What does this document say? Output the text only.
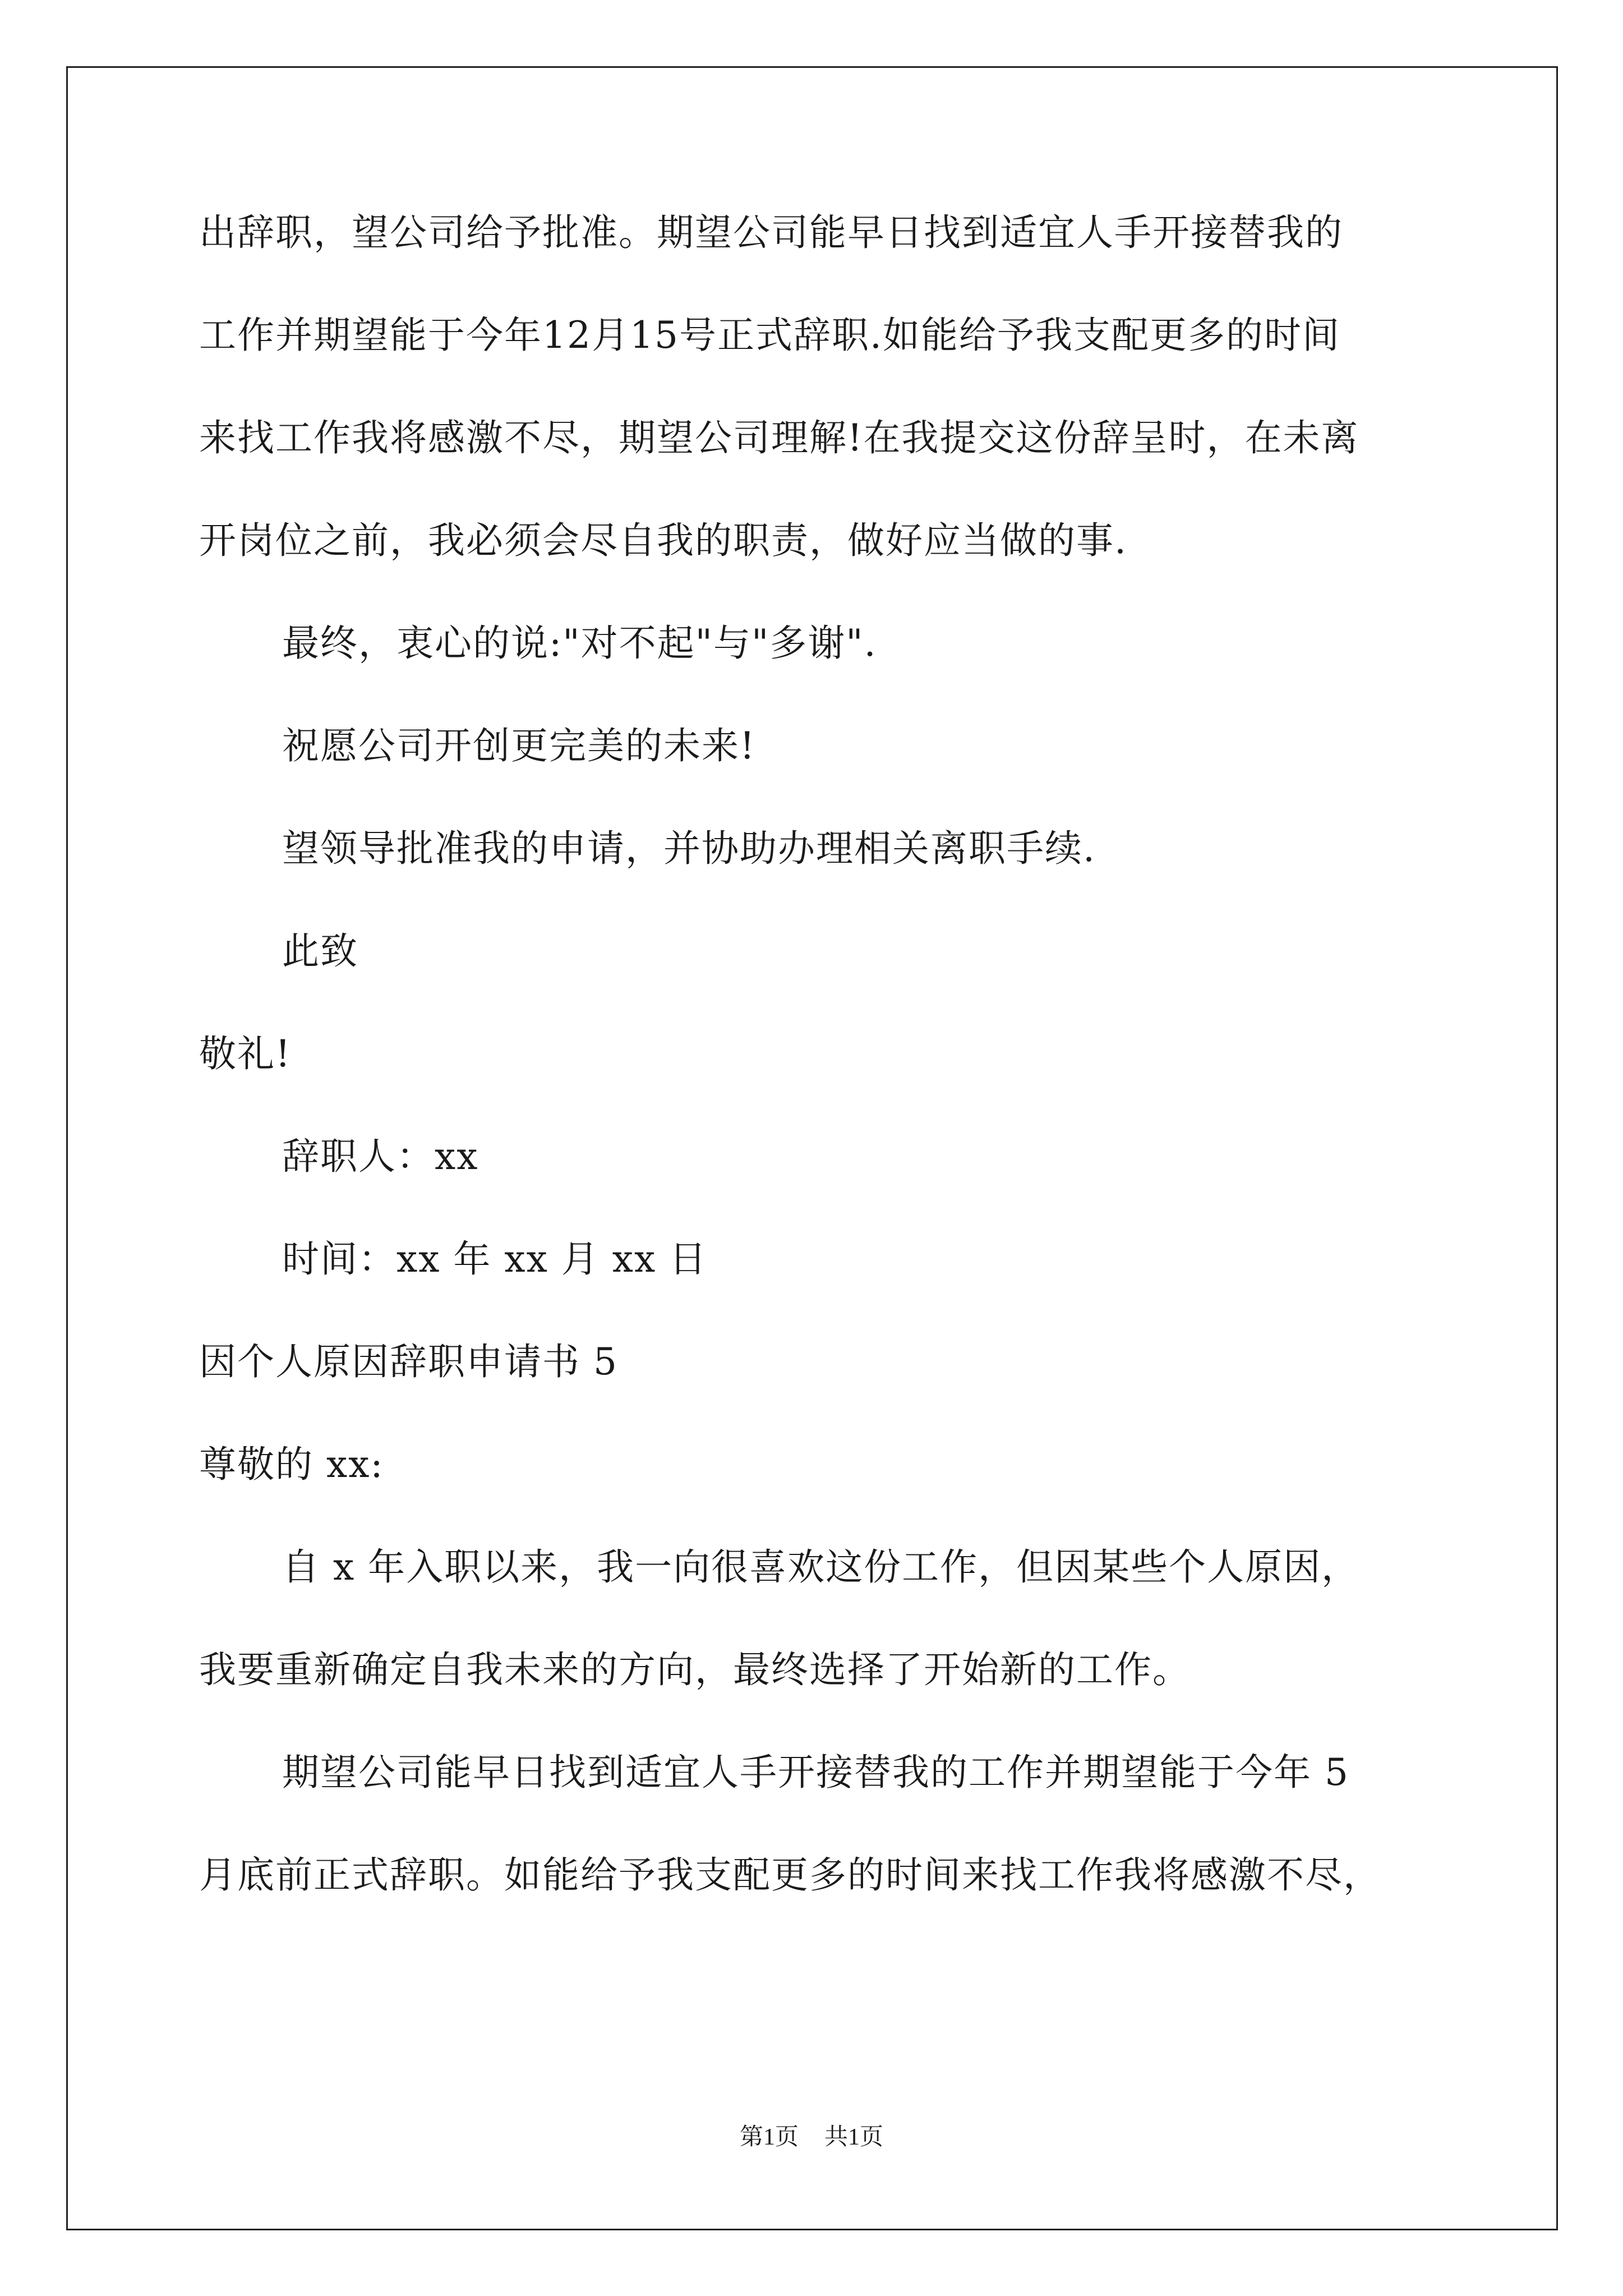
出辞职，望公司给予批准。期望公司能早日找到适宜人手开接替我的
工作并期望能于今年12月15号正式辞职.如能给予我支配更多的时间
来找工作我将感激不尽，期望公司理解!在我提交这份辞呈时，在未离
开岗位之前，我必须会尽自我的职责，做好应当做的事.
最终，衷心的说:"对不起"与"多谢".
祝愿公司开创更完美的未来!
望领导批准我的申请，并协助办理相关离职手续.
此致
敬礼!
辞职人：xx
时间：xx 年 xx 月 xx 日
因个人原因辞职申请书 5
尊敬的 xx:
自 x 年入职以来，我一向很喜欢这份工作，但因某些个人原因，
我要重新确定自我未来的方向，最终选择了开始新的工作。
期望公司能早日找到适宜人手开接替我的工作并期望能于今年 5
月底前正式辞职。如能给予我支配更多的时间来找工作我将感激不尽，
第1页 共1页
